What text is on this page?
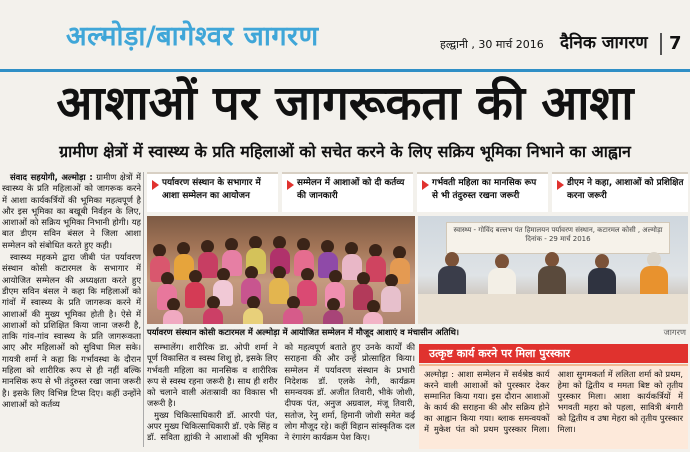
अल्मोड़ा/बागेश्वर जागरण	हल्द्वानी , 30 मार्च 2016 दैनिक जागरण	7
आशाओं पर जागरूकता की आशा
ग्रामीण क्षेत्रों में स्वास्थ्य के प्रति महिलाओं को सचेत करने के लिए सक्रिय भूमिका निभाने का आह्वान

संवाद सहयोगी, अल्मोड़ा : ग्रामीण क्षेत्रों में स्वास्थ्य के प्रति महिलाओं को जागरूक करने में आशा कार्यकर्त्रियों की भूमिका महत्वपूर्ण है और इस भूमिका का बखूबी निर्वहन के लिए, आशाओं को सक्रिय भूमिका निभानी होगी। यह बात डीएम सविन बंसल ने जिला आशा सम्मेलन को संबोधित करते हुए कही।

स्वास्थ्य महकमे द्वारा जीबी पंत पर्यावरण संस्थान कोसी कटारमल के सभागार में आयोजित सम्मेलन की अध्यक्षता करते हुए डीएम सविन बंसल ने कहा कि महिलाओं को गांवों में स्वास्थ्य के प्रति जागरूक करने में आशाओं की मुख्य भूमिका होती है। ऐसे में आशाओं को प्रशिक्षित किया जाना जरूरी है, ताकि गांव-गांव स्वास्थ्य के प्रति जागरूकता आए और महिलाओं को सुविधा मिल सके। गायत्री शर्मा ने कहा कि गर्भावस्था के दौरान महिला को शारीरिक रूप से ही नहीं बल्कि मानसिक रूप से भी तंदुरुस्त रखा जाना जरूरी है। इसके लिए विभिन्न टिप्स दिए। कहीं उन्होंने आशाओं को कर्तव्य

पर्यावरण संस्थान के सभागार में आशा सम्मेलन का आयोजन
सम्मेलन में आशाओं को दी कर्तव्य की जानकारी
गर्भवती महिला का मानसिक रूप से भी तंदुरुस्त रखना जरूरी
डीएम ने कहा, आशाओं को प्रशिक्षित करना जरूरी
स्वास्थ्य - गोविंद बल्लभ पंत हिमालयन पर्यावरण संस्थान, कटारमल कोसी , अल्मोड़ा
दिनांक - 29 मार्च 2016
पर्यावरण संस्थान कोसी कटारमल में अल्मोड़ा में आयोजित सम्मेलन में मौजूद आशाएं व मंचासीन अतिथि।	जागरण

सम्भालेंग। शारीरिक डा. ओपी शर्मा ने पूर्ण विकासित व स्वस्थ शिशु हो, इसके लिए गर्भवती महिला का मानसिक व शारीरिक रूप से स्वस्थ रहना जरूरी है। साथ ही शरीर को चलाने वाली अंतःस्रावी का विकास भी जरूरी है।

मुख्य चिकित्साधिकारी डॉ. आरपी पंत, अपर मुख्य चिकित्साधिकारी डॉ. एके सिंह व डॉ. सविता ह्यांकी ने आशाओं की भूमिका को महत्वपूर्ण बताते हुए उनके कार्यों की सराहना की और उन्हें प्रोत्साहित किया। सम्मेलन में पर्यावरण संस्थान के प्रभारी निदेशक डॉ. एलके नेगी, कार्यक्रम समन्वयक डॉ. अजीत तिवारी, भीके जोशी, दीपक पंत, अनुज अग्रवाल, मंजू तिवारी, सतोज, रेनु शर्मा, हिमानी जोशी समेत कई लोग मौजूद रहे। कहीं विहान सांस्कृतिक दल ने रंगारंग कार्यक्रम पेश किए।

उत्कृष्ट कार्य करने पर मिला पुरस्कार

अल्मोड़ा : आशा सम्मेलन में सर्वश्रेष्ठ कार्य करने वाली आशाओं को पुरस्कार देकर सम्मानित किया गया। इस दौरान आशाओं के कार्य की सराहना की और सक्रिय होने का आह्वान किया गया। ब्लाक समन्वयकों में मुकेश पंत को प्रथम पुरस्कार मिला। आशा सुगमकर्ता में ललिता शर्मा को प्रथम, हेमा को द्वितीय व ममता बिष्ट को तृतीय पुरस्कार मिला। आशा कार्यकर्त्रियों में भगवती महरा को पहला, सावित्री बंगारी को द्वितीय व उषा मेहरा को तृतीय पुरस्कार मिला।
